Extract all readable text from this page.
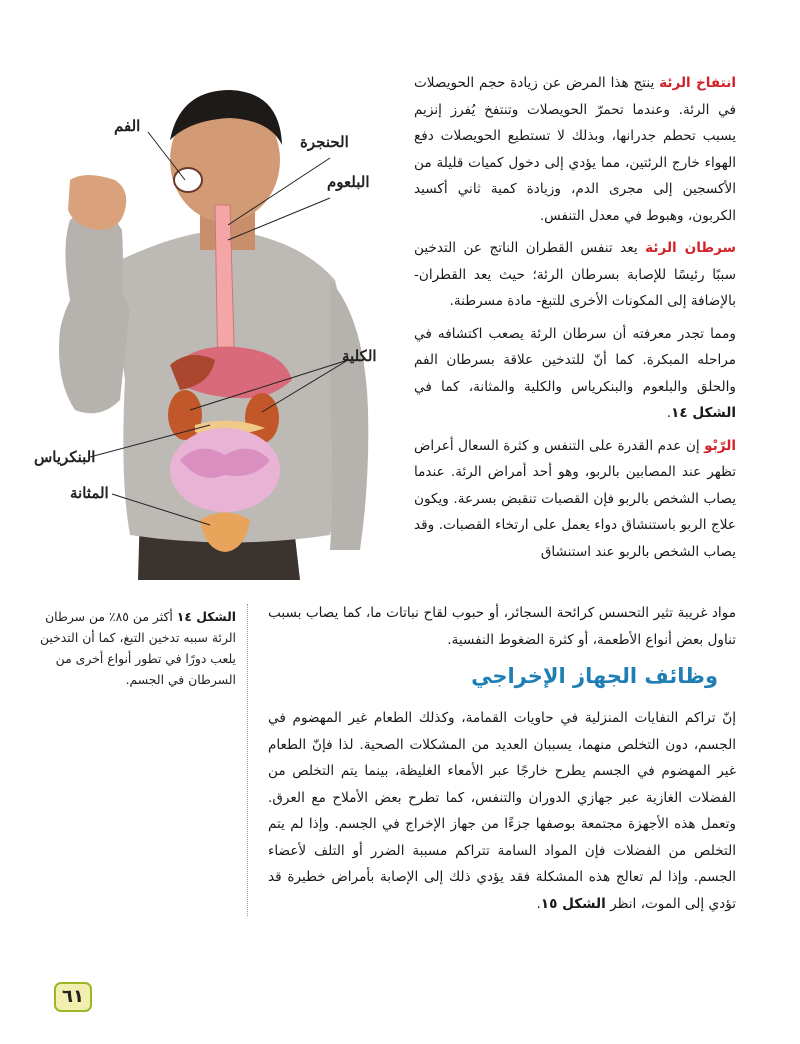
انتفاخ الرئة ينتج هذا المرض عن زيادة حجم الحويصلات في الرئة. وعندما تحمرّ الحويصلات وتنتفخ يُفرز إنزيم يسبب تحطم جدرانها، وبذلك لا تستطيع الحويصلات دفع الهواء خارج الرئتين، مما يؤدي إلى دخول كميات قليلة من الأكسجين إلى مجرى الدم، وزيادة كمية ثاني أكسيد الكربون، وهبوط في معدل التنفس.

سرطان الرئة يعد تنفس القطران الناتج عن التدخين سببًا رئيسًا للإصابة بسرطان الرئة؛ حيث يعد القطران- بالإضافة إلى المكونات الأخرى للتبغ- مادة مسرطنة.

ومما تجدر معرفته أن سرطان الرئة يصعب اكتشافه في مراحله المبكرة. كما أنّ للتدخين علاقة بسرطان الفم والحلق والبلعوم والبنكرياس والكلية والمثانة، كما في الشكل ١٤.

الرّبْو إن عدم القدرة على التنفس و كثرة السعال أعراض تظهر عند المصابين بالربو، وهو أحد أمراض الرئة. عندما يصاب الشخص بالربو فإن القصبات تنقبض بسرعة. ويكون علاج الربو باستنشاق دواء يعمل على ارتخاء القصبات. وقد يصاب الشخص بالربو عند استنشاق

مواد غريبة تثير التحسس كرائحة السجائر، أو حبوب لقاح نباتات ما، كما يصاب بسبب تناول بعض أنواع الأطعمة، أو كثرة الضغوط النفسية.

الفم
الحنجرة
البلعوم
الكلية
البنكرياس
المثانة
الشكل ١٤ أكثر من ٨٥٪ من سرطان الرئة سببه تدخين التبغ، كما أن التدخين يلعب دورًا في تطور أنواع أخرى من السرطان في الجسم.	وظائف الجهاز الإخراجي

إنّ تراكم النفايات المنزلية في حاويات القمامة، وكذلك الطعام غير المهضوم في الجسم، دون التخلص منهما، يسببان العديد من المشكلات الصحية. لذا فإنّ الطعام غير المهضوم في الجسم يطرح خارجًا عبر الأمعاء الغليظة، بينما يتم التخلص من الفضلات الغازية عبر جهازي الدوران والتنفس، كما تطرح بعض الأملاح مع العرق. وتعمل هذه الأجهزة مجتمعة بوصفها جزءًا من جهاز الإخراج في الجسم. وإذا لم يتم التخلص من الفضلات فإن المواد السامة تتراكم مسببة الضرر أو التلف لأعضاء الجسم. وإذا لم تعالج هذه المشكلة فقد يؤدي ذلك إلى الإصابة بأمراض خطيرة قد تؤدي إلى الموت، انظر الشكل ١٥.

٦١
